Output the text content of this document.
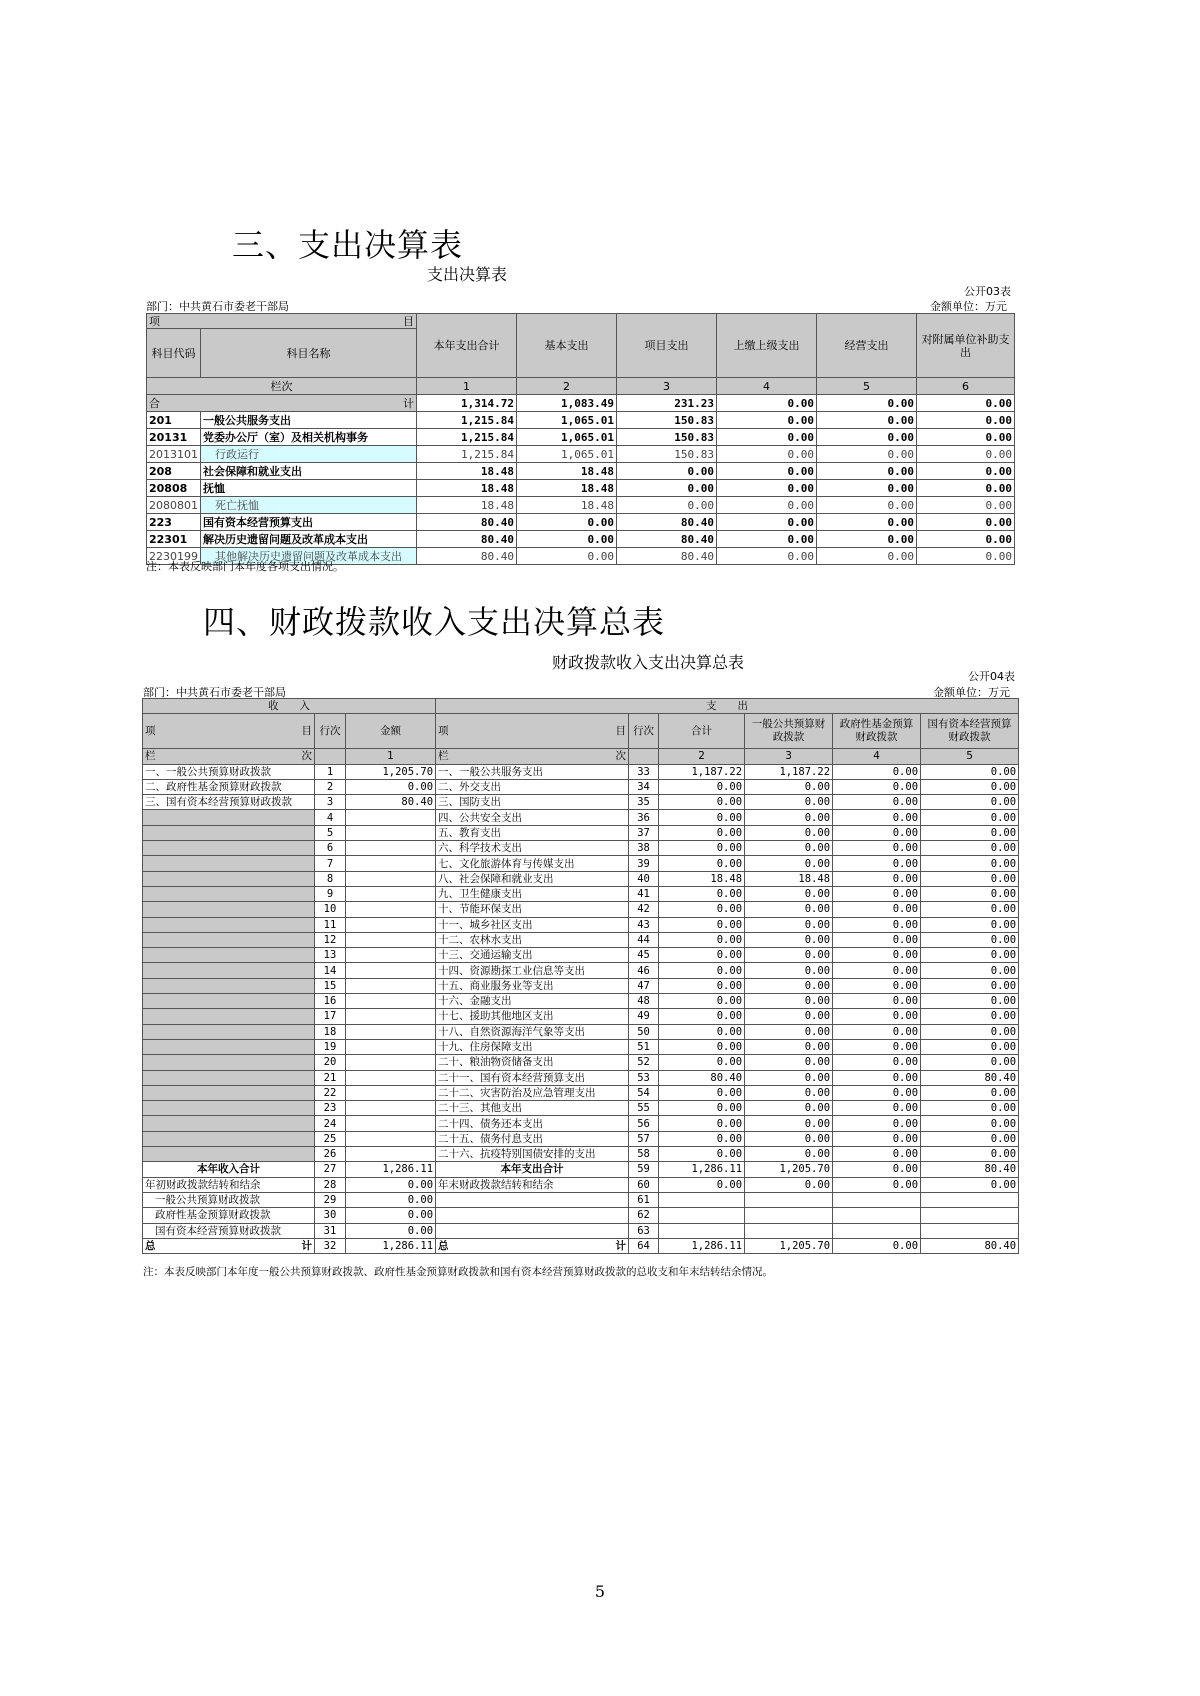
三、支出决算表
支出决算表
公开03表
部门：中共黄石市委老干部局	金额单位：万元
项 目		本年支出合计	基本支出	项目支出	上缴上级支出	经营支出	对附属单位补助支出
科目代码	科目名称						
栏次		1	2	3	4	5	6

合 计		1,314.72	1,083.49	231.23	0.00	0.00	0.00
201	一般公共服务支出	1,215.84	1,065.01	150.83	0.00	0.00	0.00
20131	党委办公厅（室）及相关机构事务	1,215.84	1,065.01	150.83	0.00	0.00	0.00
2013101	行政运行	1,215.84	1,065.01	150.83	0.00	0.00	0.00
208	社会保障和就业支出	18.48	18.48	0.00	0.00	0.00	0.00
20808	抚恤	18.48	18.48	0.00	0.00	0.00	0.00
2080801	死亡抚恤	18.48	18.48	0.00	0.00	0.00	0.00
223	国有资本经营预算支出	80.40	0.00	80.40	0.00	0.00	0.00
22301	解决历史遗留问题及改革成本支出	80.40	0.00	80.40	0.00	0.00	0.00
2230199	其他解决历史遗留问题及改革成本支出	80.40	0.00	80.40	0.00	0.00	0.00
注：本表反映部门本年度各项支出情况。
四、财政拨款收入支出决算总表
财政拨款收入支出决算总表
公开04表
部门：中共黄石市委老干部局	金额单位：万元
收　　入			支　　出					

项 目	行次	金额	项 目	行次	合计	一般公共预算财政拨款	政府性基金预算财政拨款	国有资本经营预算财政拨款

栏 次		1	栏 次		2	3	4	5
一、一般公共预算财政拨款	1	1,205.70	一、一般公共服务支出	33	1,187.22	1,187.22	0.00	0.00
二、政府性基金预算财政拨款	2	0.00	二、外交支出	34	0.00	0.00	0.00	0.00
三、国有资本经营预算财政拨款	3	80.40	三、国防支出	35	0.00	0.00	0.00	0.00
	4		四、公共安全支出	36	0.00	0.00	0.00	0.00
	5		五、教育支出	37	0.00	0.00	0.00	0.00
	6		六、科学技术支出	38	0.00	0.00	0.00	0.00
	7		七、文化旅游体育与传媒支出	39	0.00	0.00	0.00	0.00
	8		八、社会保障和就业支出	40	18.48	18.48	0.00	0.00
	9		九、卫生健康支出	41	0.00	0.00	0.00	0.00
	10		十、节能环保支出	42	0.00	0.00	0.00	0.00
	11		十一、城乡社区支出	43	0.00	0.00	0.00	0.00
	12		十二、农林水支出	44	0.00	0.00	0.00	0.00
	13		十三、交通运输支出	45	0.00	0.00	0.00	0.00
	14		十四、资源勘探工业信息等支出	46	0.00	0.00	0.00	0.00
	15		十五、商业服务业等支出	47	0.00	0.00	0.00	0.00
	16		十六、金融支出	48	0.00	0.00	0.00	0.00
	17		十七、援助其他地区支出	49	0.00	0.00	0.00	0.00
	18		十八、自然资源海洋气象等支出	50	0.00	0.00	0.00	0.00
	19		十九、住房保障支出	51	0.00	0.00	0.00	0.00
	20		二十、粮油物资储备支出	52	0.00	0.00	0.00	0.00
	21		二十一、国有资本经营预算支出	53	80.40	0.00	0.00	80.40
	22		二十二、灾害防治及应急管理支出	54	0.00	0.00	0.00	0.00
	23		二十三、其他支出	55	0.00	0.00	0.00	0.00
	24		二十四、债务还本支出	56	0.00	0.00	0.00	0.00
	25		二十五、债务付息支出	57	0.00	0.00	0.00	0.00
	26		二十六、抗疫特别国债安排的支出	58	0.00	0.00	0.00	0.00
本年收入合计	27	1,286.11	本年支出合计	59	1,286.11	1,205.70	0.00	80.40
年初财政拨款结转和结余	28	0.00	年末财政拨款结转和结余	60	0.00	0.00	0.00	0.00
一般公共预算财政拨款	29	0.00		61				
政府性基金预算财政拨款	30	0.00		62				
国有资本经营预算财政拨款	31	0.00		63				

总 计	32	1,286.11	总 计	64	1,286.11	1,205.70	0.00	80.40
注：本表反映部门本年度一般公共预算财政拨款、政府性基金预算财政拨款和国有资本经营预算财政拨款的总收支和年末结转结余情况。
5
